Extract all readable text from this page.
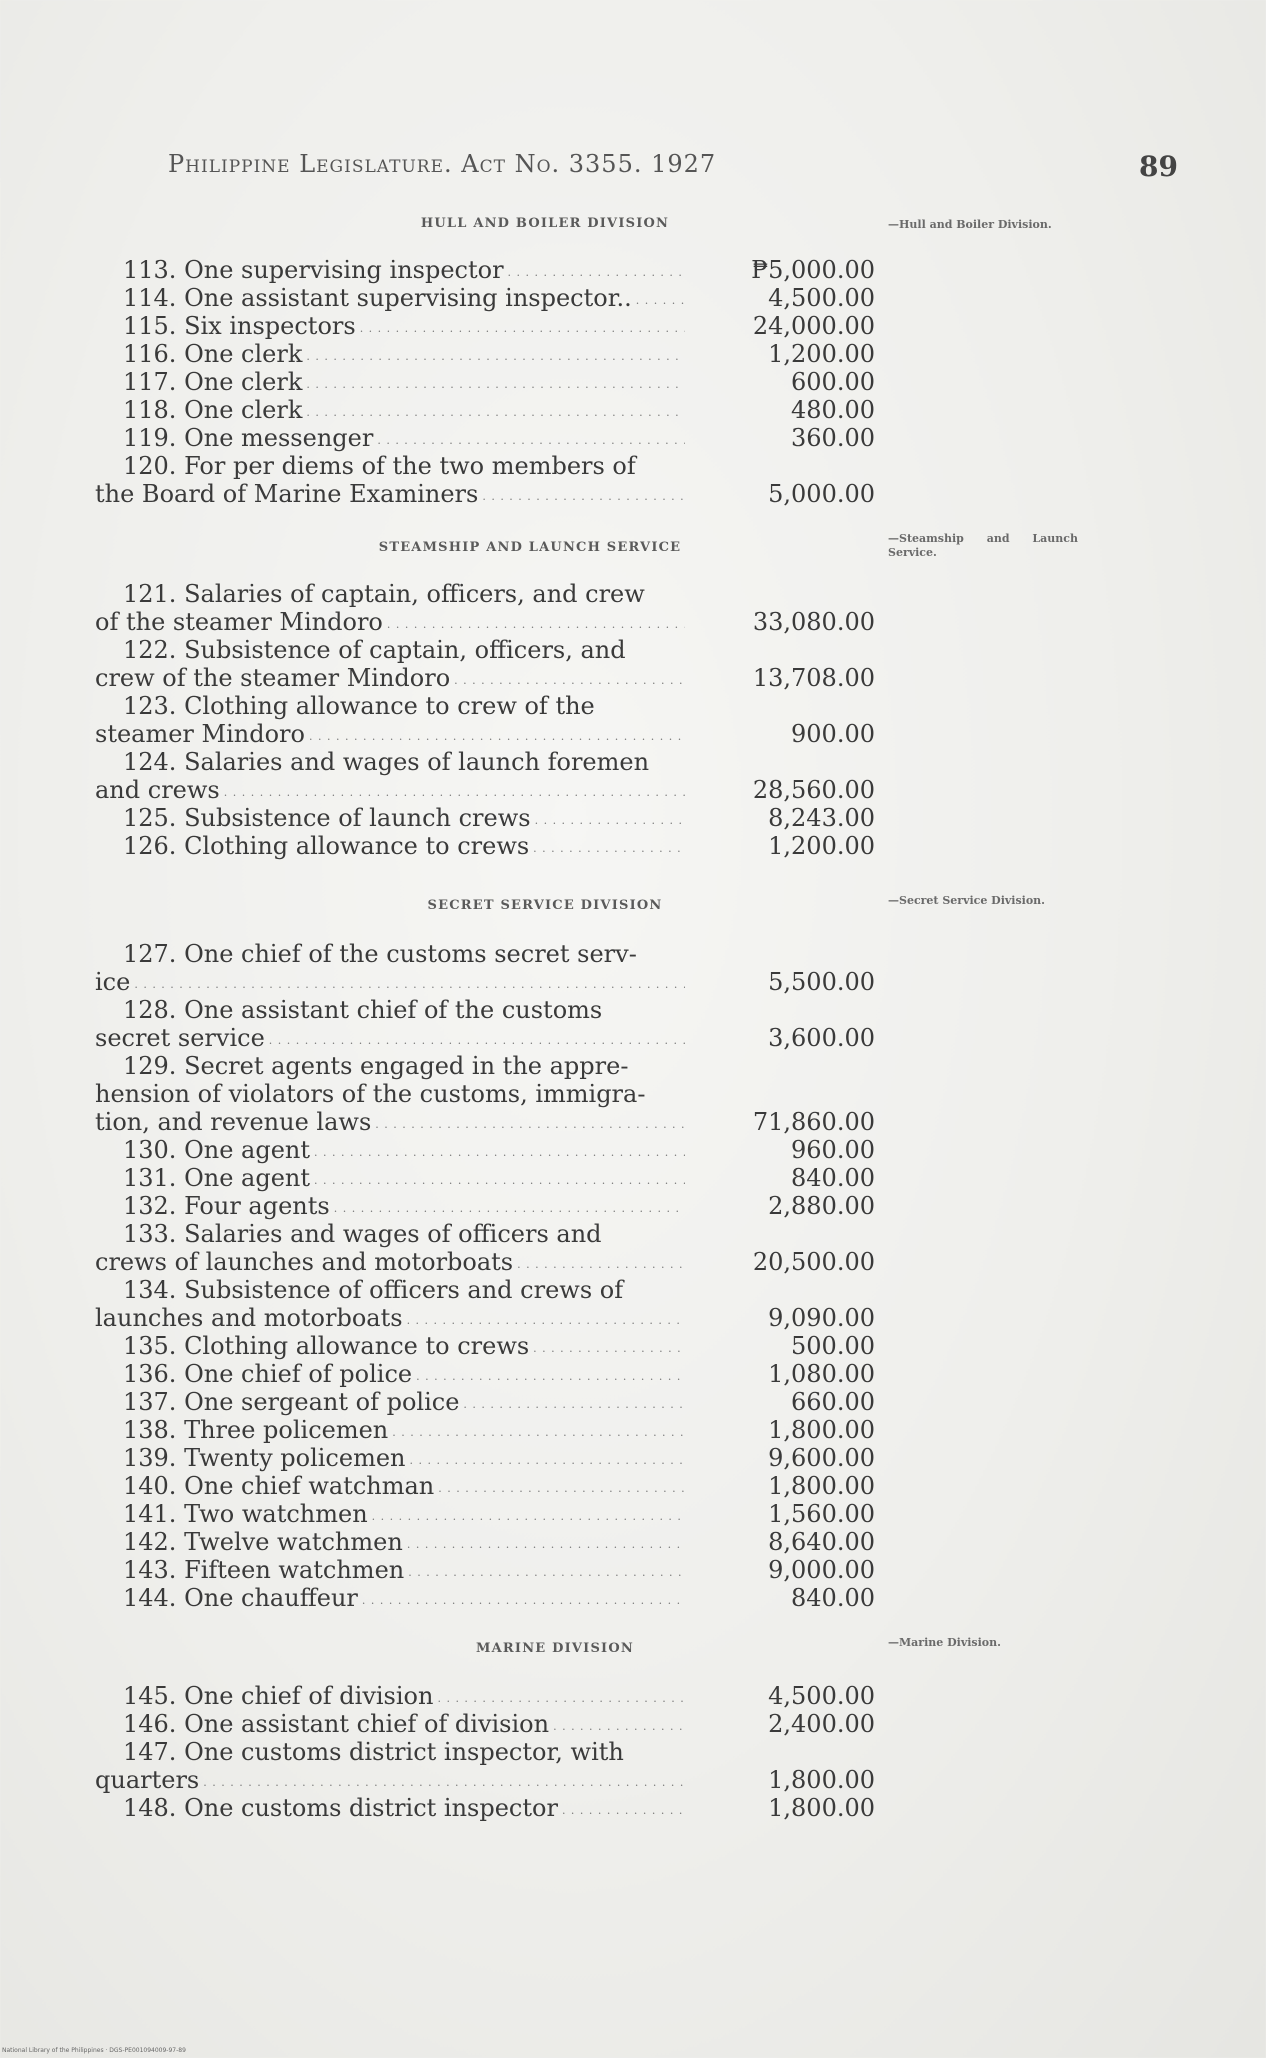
Philippine Legislature. Act No. 3355. 1927	89
HULL AND BOILER DIVISION	—Hull and Boiler Division.
113. One supervising inspector . . .	₱5,000.00
114. One assistant supervising inspector.. . . .	4,500.00
115. Six inspectors . . .	24,000.00
116. One clerk . . .	1,200.00
117. One clerk . . .	600.00
118. One clerk . . .	480.00
119. One messenger . . .	360.00
120. For per diems of the two members of
the Board of Marine Examiners . . .	5,000.00
STEAMSHIP AND LAUNCH SERVICE
—Steamship and Launch Service.
121. Salaries of captain, officers, and crew
of the steamer Mindoro . . .	33,080.00
122. Subsistence of captain, officers, and
crew of the steamer Mindoro . . .	13,708.00
123. Clothing allowance to crew of the
steamer Mindoro . . .	900.00
124. Salaries and wages of launch foremen
and crews . . .	28,560.00
125. Subsistence of launch crews . . .	8,243.00
126. Clothing allowance to crews . . .	1,200.00
SECRET SERVICE DIVISION	—Secret Service Division.
127. One chief of the customs secret serv-
ice . . .	5,500.00
128. One assistant chief of the customs
secret service . . .	3,600.00
129. Secret agents engaged in the appre-
hension of violators of the customs, immigra-
tion, and revenue laws . . .	71,860.00
130. One agent . . .	960.00
131. One agent . . .	840.00
132. Four agents . . .	2,880.00
133. Salaries and wages of officers and
crews of launches and motorboats . . .	20,500.00
134. Subsistence of officers and crews of
launches and motorboats . . .	9,090.00
135. Clothing allowance to crews . . .	500.00
136. One chief of police . . .	1,080.00
137. One sergeant of police . . .	660.00
138. Three policemen . . .	1,800.00
139. Twenty policemen . . .	9,600.00
140. One chief watchman . . .	1,800.00
141. Two watchmen . . .	1,560.00
142. Twelve watchmen . . .	8,640.00
143. Fifteen watchmen . . .	9,000.00
144. One chauffeur . . .	840.00
MARINE DIVISION	—Marine Division.
145. One chief of division . . .	4,500.00
146. One assistant chief of division . . .	2,400.00
147. One customs district inspector, with
quarters . . .	1,800.00
148. One customs district inspector . . .	1,800.00
National Library of the Philippines · DGS-PE001094009-97-89
